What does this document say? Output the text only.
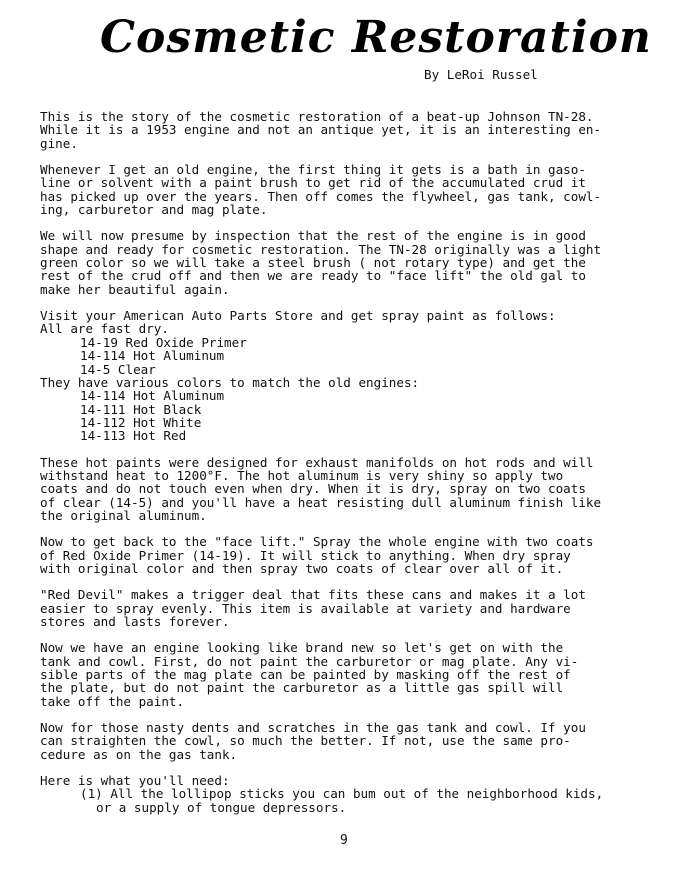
Cosmetic Restoration
By LeRoi Russel

This is the story of the cosmetic restoration of a beat-up Johnson TN-28.
While it is a 1953 engine and not an antique yet, it is an interesting en-
gine.

Whenever I get an old engine, the first thing it gets is a bath in gaso-
line or solvent with a paint brush to get rid of the accumulated crud it
has picked up over the years. Then off comes the flywheel, gas tank, cowl-
ing, carburetor and mag plate.

We will now presume by inspection that the rest of the engine is in good
shape and ready for cosmetic restoration. The TN-28 originally was a light
green color so we will take a steel brush ( not rotary type) and get the
rest of the crud off and then we are ready to "face lift" the old gal to
make her beautiful again.

Visit your American Auto Parts Store and get spray paint as follows:
All are fast dry.
14-19 Red Oxide Primer
14-114 Hot Aluminum
14-5 Clear
They have various colors to match the old engines:
14-114 Hot Aluminum
14-111 Hot Black
14-112 Hot White
14-113 Hot Red

These hot paints were designed for exhaust manifolds on hot rods and will
withstand heat to 1200°F. The hot aluminum is very shiny so apply two
coats and do not touch even when dry. When it is dry, spray on two coats
of clear (14-5) and you'll have a heat resisting dull aluminum finish like
the original aluminum.

Now to get back to the "face lift." Spray the whole engine with two coats
of Red Oxide Primer (14-19). It will stick to anything. When dry spray
with original color and then spray two coats of clear over all of it.

"Red Devil" makes a trigger deal that fits these cans and makes it a lot
easier to spray evenly. This item is available at variety and hardware
stores and lasts forever.

Now we have an engine looking like brand new so let's get on with the
tank and cowl. First, do not paint the carburetor or mag plate. Any vi-
sible parts of the mag plate can be painted by masking off the rest of
the plate, but do not paint the carburetor as a little gas spill will
take off the paint.

Now for those nasty dents and scratches in the gas tank and cowl. If you
can straighten the cowl, so much the better. If not, use the same pro-
cedure as on the gas tank.

Here is what you'll need:
(1) All the lollipop sticks you can bum out of the neighborhood kids,
or a supply of tongue depressors.
9
